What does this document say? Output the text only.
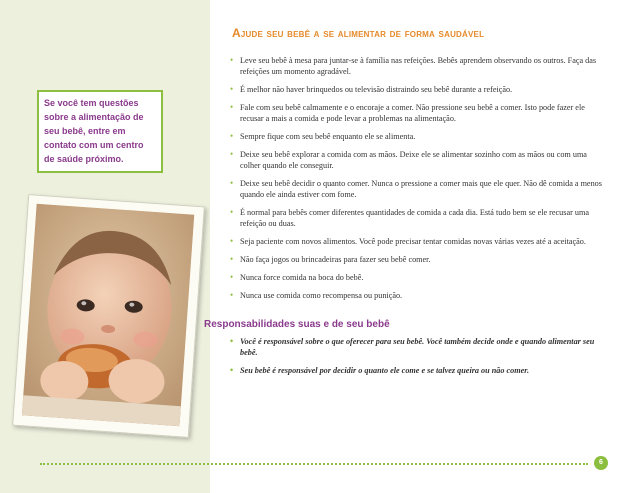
Se você tem questões sobre a alimentação de seu bebê, entre em contato com um centro de saúde próximo.
Ajude seu bebê a se alimentar de forma saudável
• Leve seu bebê à mesa para juntar-se à família nas refeições. Bebês aprendem observando os outros. Faça das refeições um momento agradável.
• É melhor não haver brinquedos ou televisão distraindo seu bebê durante a refeição.
• Fale com seu bebê calmamente e o encoraje a comer. Não pressione seu bebê a comer. Isto pode fazer ele recusar a mais a comida e pode levar a problemas na alimentação.
• Sempre fique com seu bebê enquanto ele se alimenta.
• Deixe seu bebê explorar a comida com as mãos. Deixe ele se alimentar sozinho com as mãos ou com uma colher quando ele conseguir.
• Deixe seu bebê decidir o quanto comer. Nunca o pressione a comer mais que ele quer. Não dê comida a menos quando ele ainda estiver com fome.
• É normal para bebês comer diferentes quantidades de comida a cada dia. Está tudo bem se ele recusar uma refeição ou duas.
• Seja paciente com novos alimentos. Você pode precisar tentar comidas novas várias vezes até a aceitação.
• Não faça jogos ou brincadeiras para fazer seu bebê comer.
• Nunca force comida na boca do bebê.
• Nunca use comida como recompensa ou punição.
Responsabilidades suas e de seu bebê
• Você é responsável sobre o que oferecer para seu bebê. Você também decide onde e quando alimentar seu bebê.
• Seu bebê é responsável por decidir o quanto ele come e se talvez queira ou não comer.
6
